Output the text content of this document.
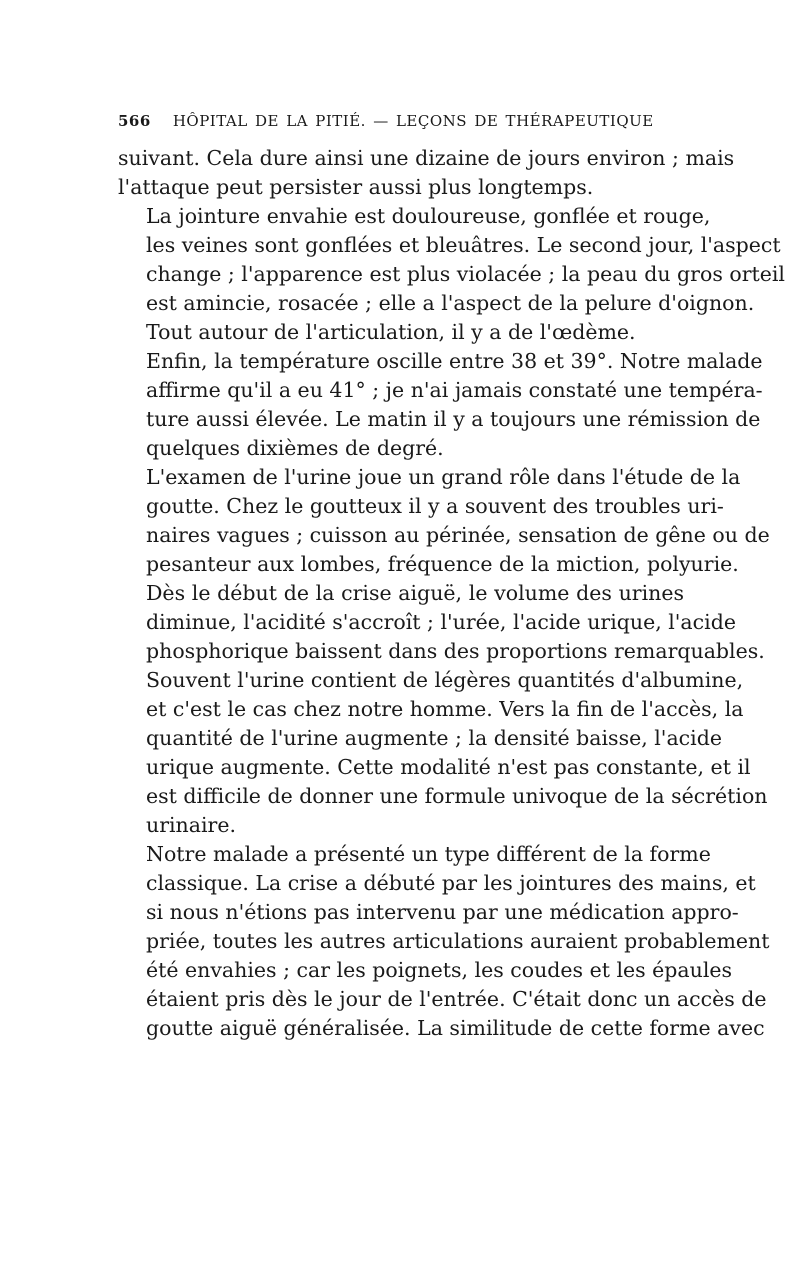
566 HÔPITAL DE LA PITIÉ. — LEÇONS DE THÉRAPEUTIQUE

suivant. Cela dure ainsi une dizaine de jours environ ; mais
l'attaque peut persister aussi plus longtemps.

La jointure envahie est douloureuse, gonflée et rouge,
les veines sont gonflées et bleuâtres. Le second jour, l'aspect
change ; l'apparence est plus violacée ; la peau du gros orteil
est amincie, rosacée ; elle a l'aspect de la pelure d'oignon.
Tout autour de l'articulation, il y a de l'œdème.

Enfin, la température oscille entre 38 et 39°. Notre malade
affirme qu'il a eu 41° ; je n'ai jamais constaté une tempéra-
ture aussi élevée. Le matin il y a toujours une rémission de
quelques dixièmes de degré.

L'examen de l'urine joue un grand rôle dans l'étude de la
goutte. Chez le goutteux il y a souvent des troubles uri-
naires vagues ; cuisson au périnée, sensation de gêne ou de
pesanteur aux lombes, fréquence de la miction, polyurie.

Dès le début de la crise aiguë, le volume des urines
diminue, l'acidité s'accroît ; l'urée, l'acide urique, l'acide
phosphorique baissent dans des proportions remarquables.
Souvent l'urine contient de légères quantités d'albumine,
et c'est le cas chez notre homme. Vers la fin de l'accès, la
quantité de l'urine augmente ; la densité baisse, l'acide
urique augmente. Cette modalité n'est pas constante, et il
est difficile de donner une formule univoque de la sécrétion
urinaire.

Notre malade a présenté un type différent de la forme
classique. La crise a débuté par les jointures des mains, et
si nous n'étions pas intervenu par une médication appro-
priée, toutes les autres articulations auraient probablement
été envahies ; car les poignets, les coudes et les épaules
étaient pris dès le jour de l'entrée. C'était donc un accès de
goutte aiguë généralisée. La similitude de cette forme avec
